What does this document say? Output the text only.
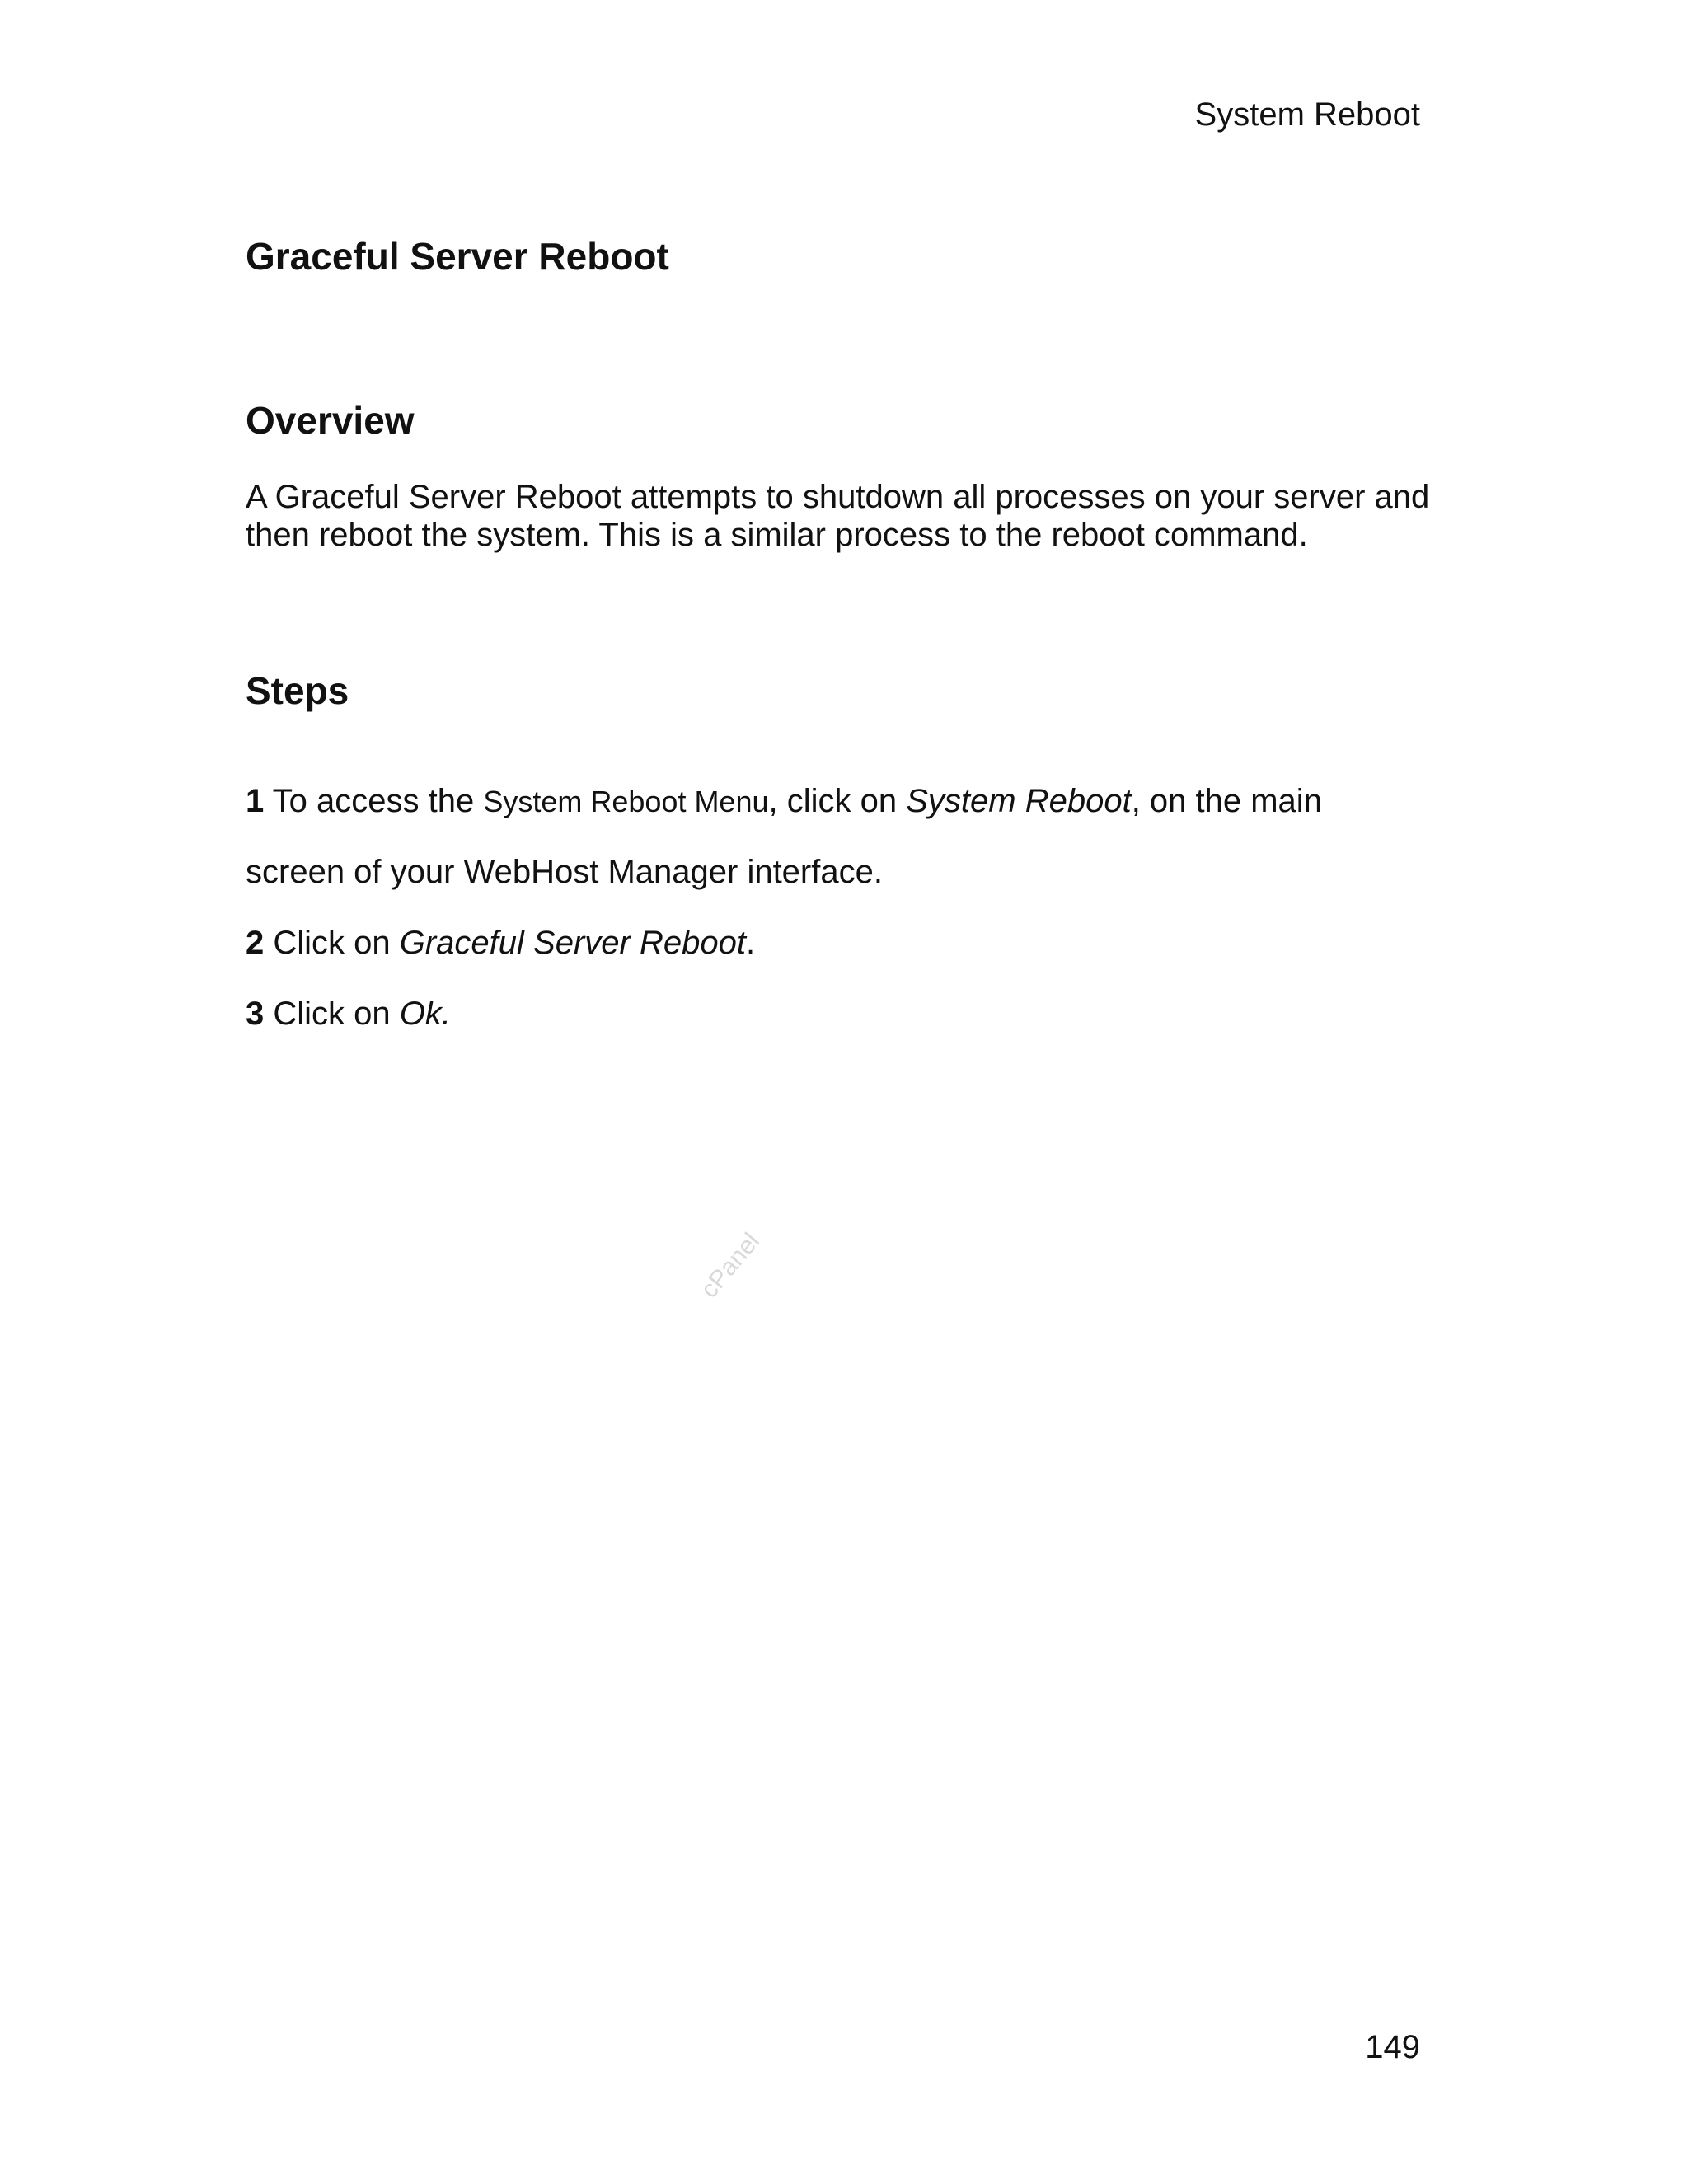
System Reboot
Graceful Server Reboot
Overview

A Graceful Server Reboot attempts to shutdown all processes on your server and then reboot the system. This is a similar process to the reboot command.

Steps

1 To access the System Reboot Menu, click on System Reboot, on the main

screen of your WebHost Manager interface.

2 Click on Graceful Server Reboot.

3 Click on Ok.

cPanel
149
